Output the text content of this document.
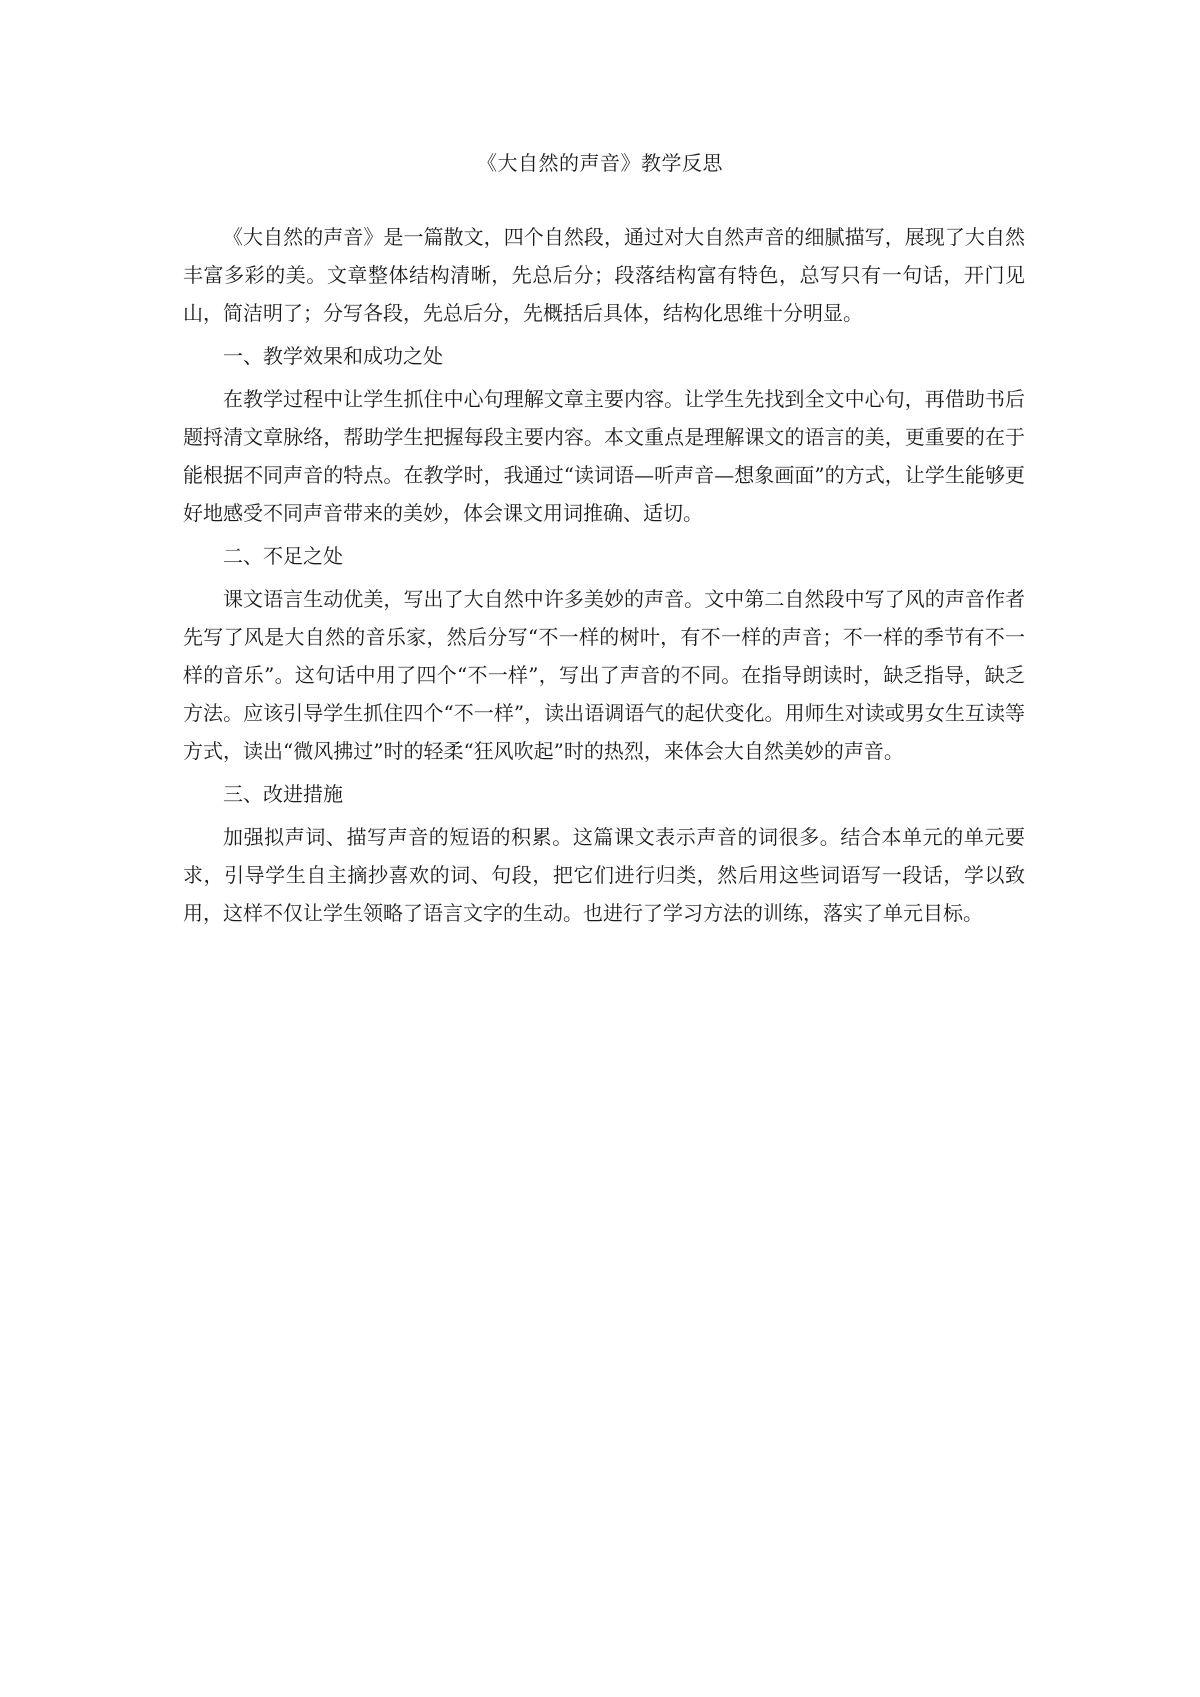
《大自然的声音》教学反思

《大自然的声音》是一篇散文，四个自然段，通过对大自然声音的细腻描写，展现了大自然丰富多彩的美。文章整体结构清晰，先总后分；段落结构富有特色，总写只有一句话，开门见山，简洁明了；分写各段，先总后分，先概括后具体，结构化思维十分明显。

一、教学效果和成功之处

在教学过程中让学生抓住中心句理解文章主要内容。让学生先找到全文中心句，再借助书后题捋清文章脉络，帮助学生把握每段主要内容。本文重点是理解课文的语言的美，更重要的在于能根据不同声音的特点。在教学时，我通过“读词语—听声音—想象画面”的方式，让学生能够更好地感受不同声音带来的美妙，体会课文用词推确、适切。

二、不足之处

课文语言生动优美，写出了大自然中许多美妙的声音。文中第二自然段中写了风的声音作者先写了风是大自然的音乐家，然后分写“不一样的树叶，有不一样的声音；不一样的季节有不一样的音乐”。这句话中用了四个“不一样”，写出了声音的不同。在指导朗读时，缺乏指导，缺乏方法。应该引导学生抓住四个“不一样”，读出语调语气的起伏变化。用师生对读或男女生互读等方式，读出“微风拂过”时的轻柔“狂风吹起”时的热烈，来体会大自然美妙的声音。

三、改进措施

加强拟声词、描写声音的短语的积累。这篇课文表示声音的词很多。结合本单元的单元要求，引导学生自主摘抄喜欢的词、句段，把它们进行归类，然后用这些词语写一段话，学以致用，这样不仅让学生领略了语言文字的生动。也进行了学习方法的训练，落实了单元目标。
